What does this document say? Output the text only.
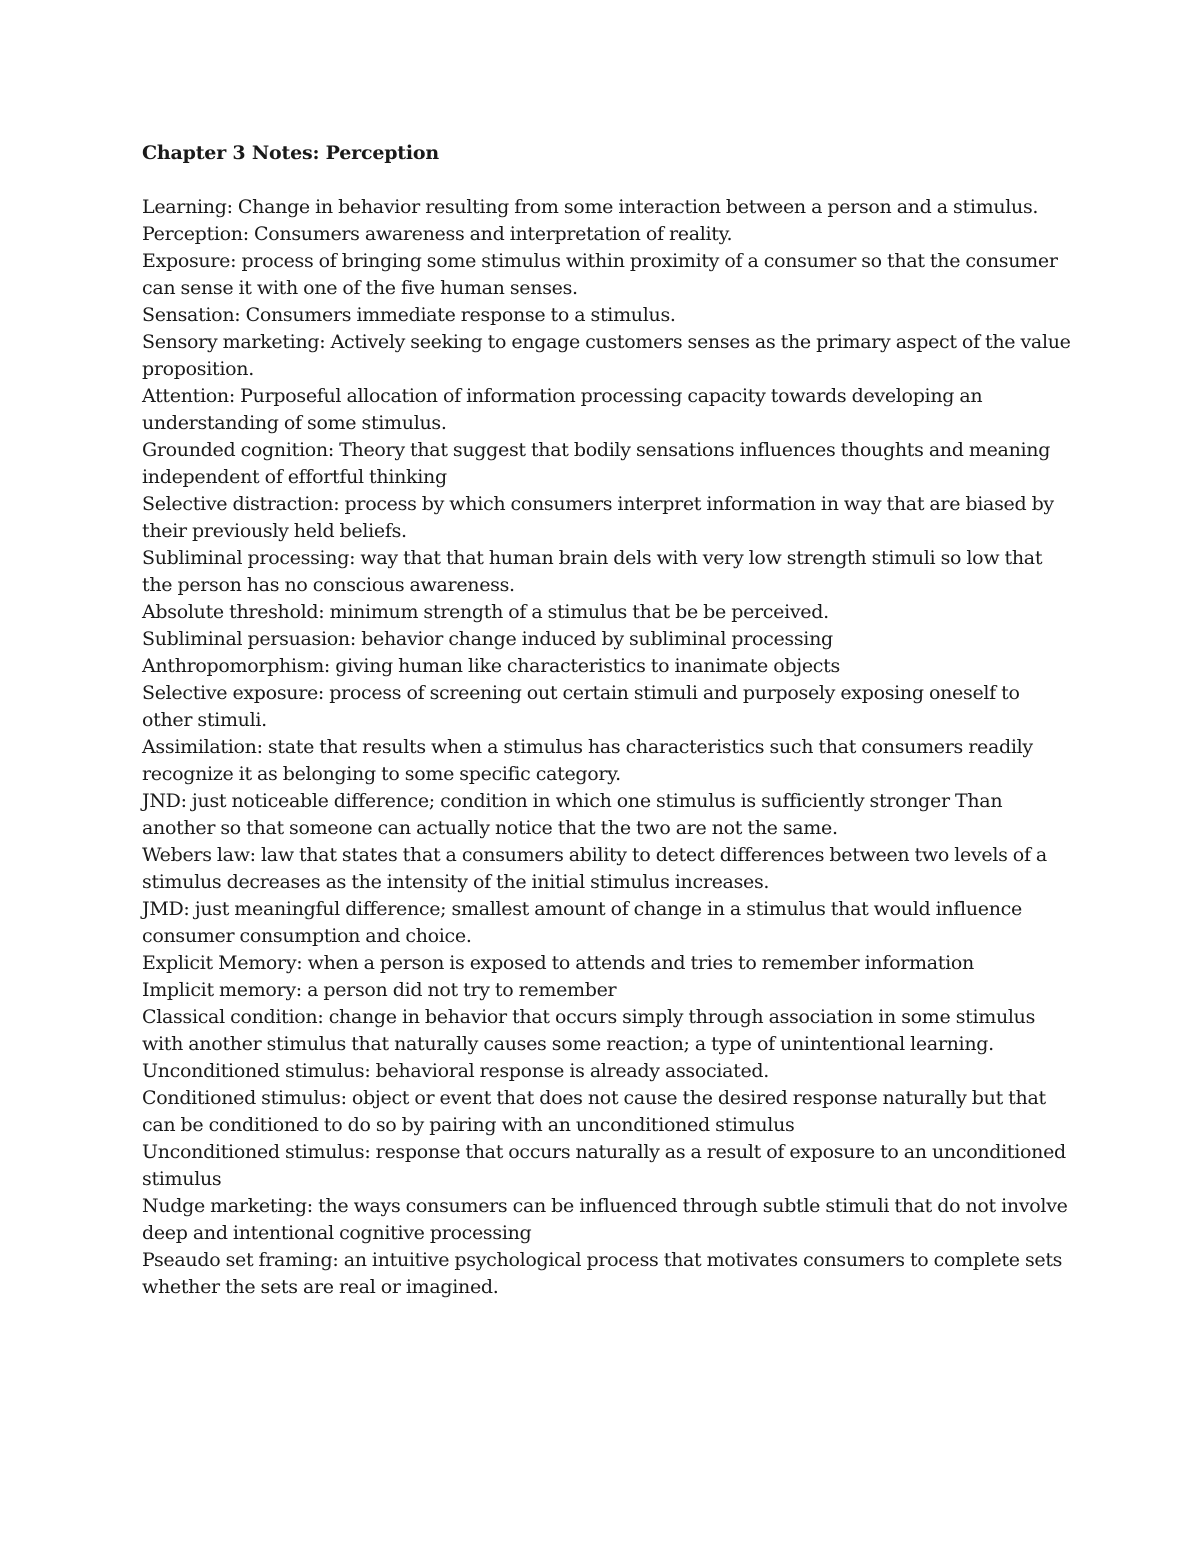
Chapter 3 Notes: Perception
Learning: Change in behavior resulting from some interaction between a person and a stimulus.
Perception: Consumers awareness and interpretation of reality.
Exposure: process of bringing some stimulus within proximity of a consumer so that the consumer can sense it with one of the five human senses.
Sensation: Consumers immediate response to a stimulus.
Sensory marketing: Actively seeking to engage customers senses as the primary aspect of the value proposition.
Attention: Purposeful allocation of information processing capacity towards developing an understanding of some stimulus.
Grounded cognition: Theory that suggest that bodily sensations influences thoughts and meaning independent of effortful thinking
Selective distraction: process by which consumers interpret information in way that are biased by their previously held beliefs.
Subliminal processing: way that that human brain dels with very low strength stimuli so low that the person has no conscious awareness.
Absolute threshold: minimum strength of a stimulus that be be perceived.
Subliminal persuasion: behavior change induced by subliminal processing
Anthropomorphism: giving human like characteristics to inanimate objects
Selective exposure: process of screening out certain stimuli and purposely exposing oneself to other stimuli.
Assimilation: state that results when a stimulus has characteristics such that consumers readily recognize it as belonging to some specific category.
JND: just noticeable difference; condition in which one stimulus is sufficiently stronger Than another so that someone can actually notice that the two are not the same.
Webers law: law that states that a consumers ability to detect differences between two levels of a stimulus decreases as the intensity of the initial stimulus increases.
JMD: just meaningful difference; smallest amount of change in a stimulus that would influence consumer consumption and choice.
Explicit Memory: when a person is exposed to attends and tries to remember information
Implicit memory: a person did not try to remember
Classical condition: change in behavior that occurs simply through association in some stimulus with another stimulus that naturally causes some reaction; a type of unintentional learning.
Unconditioned stimulus: behavioral response is already associated.
Conditioned stimulus: object or event that does not cause the desired response naturally but that can be conditioned to do so by pairing with an unconditioned stimulus
Unconditioned stimulus: response that occurs naturally as a result of exposure to an unconditioned stimulus
Nudge marketing: the ways consumers can be influenced through subtle stimuli that do not involve deep and intentional cognitive processing
Pseaudo set framing: an intuitive psychological process that motivates consumers to complete sets whether the sets are real or imagined.
